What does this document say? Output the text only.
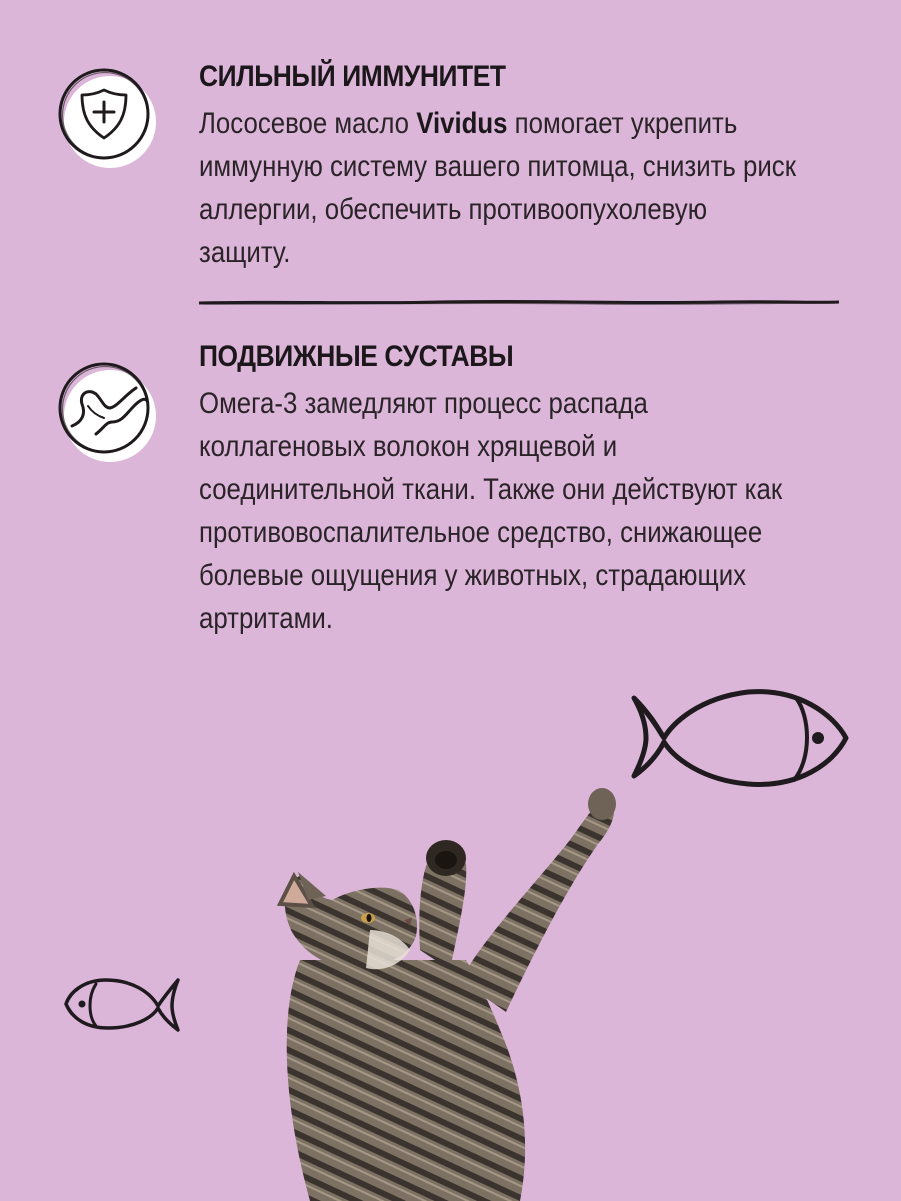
СИЛЬНЫЙ ИММУНИТЕТ

Лососевое масло Vividus помогает укрепить иммунную систему вашего питомца, снизить риск аллергии, обеспечить противоопухолевую защиту.

ПОДВИЖНЫЕ СУСТАВЫ

Омега-3 замедляют процесс распада коллагеновых волокон хрящевой и соединительной ткани. Также они действуют как противовоспалительное средство, снижающее болевые ощущения у животных, страдающих артритами.
